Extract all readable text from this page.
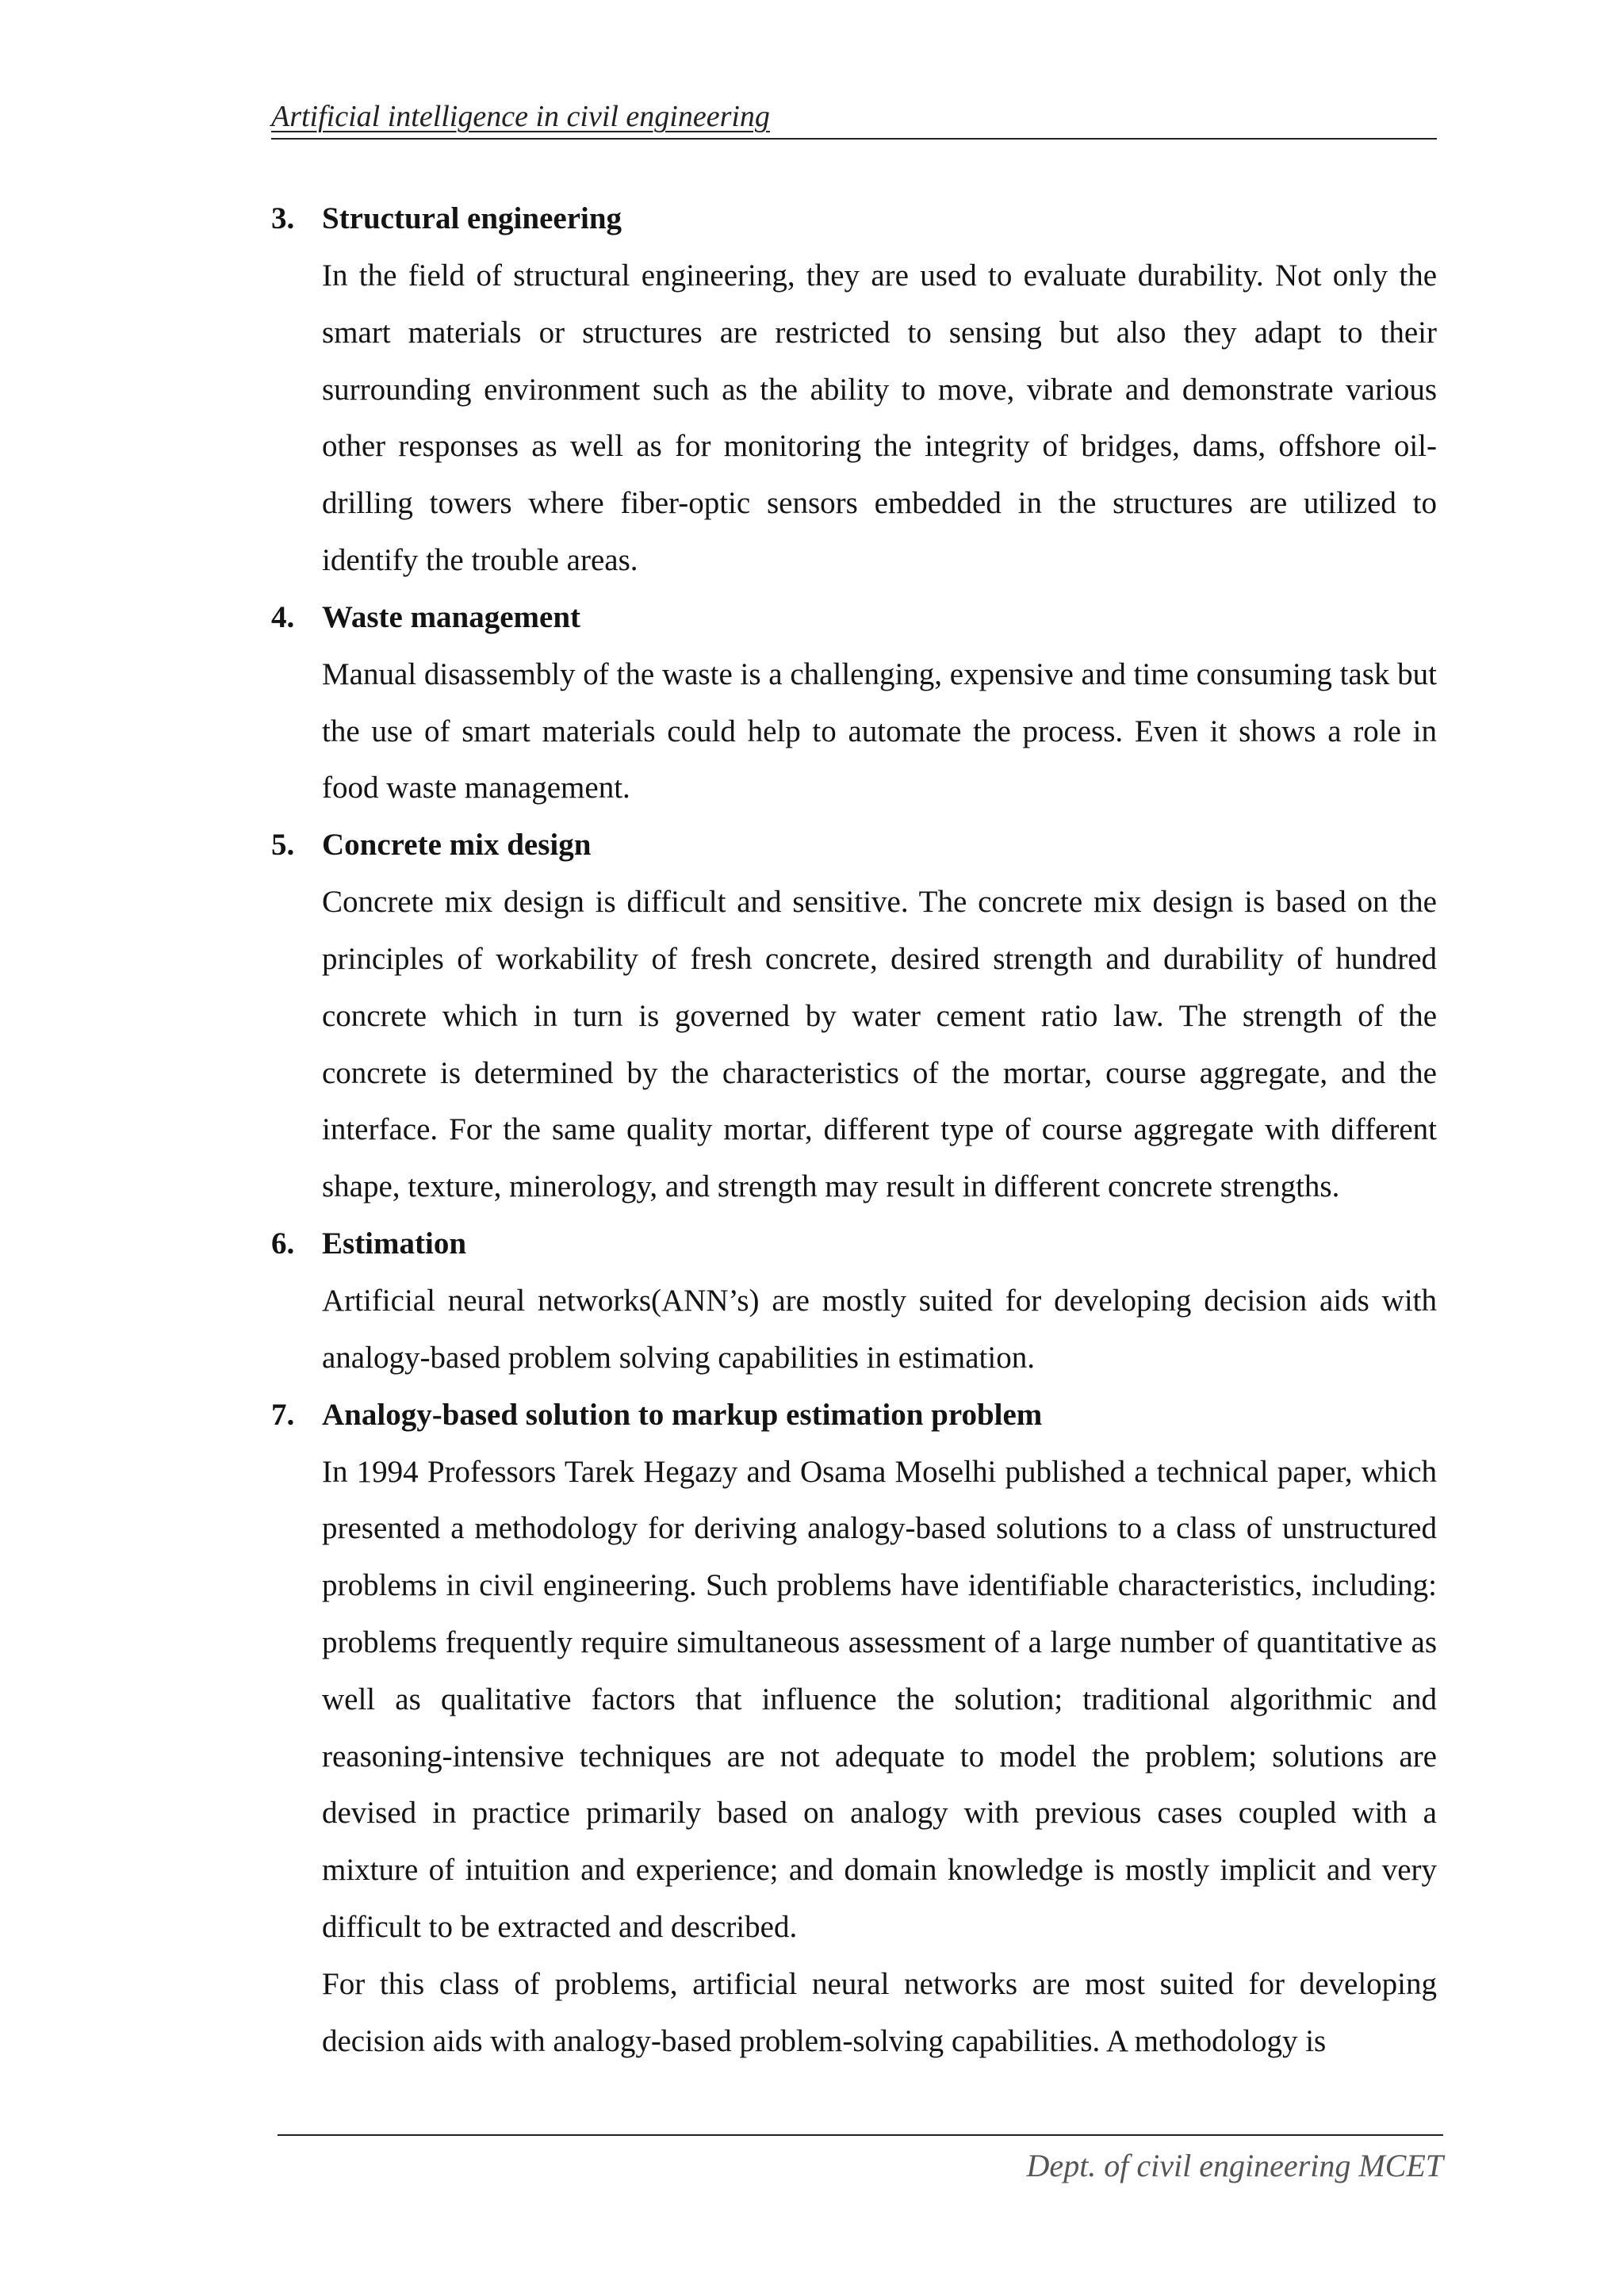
Artificial intelligence in civil engineering
3. Structural engineering

In the field of structural engineering, they are used to evaluate durability. Not only the smart materials or structures are restricted to sensing but also they adapt to their surrounding environment such as the ability to move, vibrate and demonstrate various other responses as well as for monitoring the integrity of bridges, dams, offshore oil-drilling towers where fiber-optic sensors embedded in the structures are utilized to identify the trouble areas.

4. Waste management

Manual disassembly of the waste is a challenging, expensive and time consuming task but the use of smart materials could help to automate the process. Even it shows a role in food waste management.

5. Concrete mix design

Concrete mix design is difficult and sensitive. The concrete mix design is based on the principles of workability of fresh concrete, desired strength and durability of hundred concrete which in turn is governed by water cement ratio law. The strength of the concrete is determined by the characteristics of the mortar, course aggregate, and the interface. For the same quality mortar, different type of course aggregate with different shape, texture, minerology, and strength may result in different concrete strengths.

6. Estimation

Artificial neural networks(ANN’s) are mostly suited for developing decision aids with analogy-based problem solving capabilities in estimation.

7. Analogy-based solution to markup estimation problem

In 1994 Professors Tarek Hegazy and Osama Moselhi published a technical paper, which presented a methodology for deriving analogy-based solutions to a class of unstructured problems in civil engineering. Such problems have identifiable characteristics, including: problems frequently require simultaneous assessment of a large number of quantitative as well as qualitative factors that influence the solution; traditional algorithmic and reasoning-intensive techniques are not adequate to model the problem; solutions are devised in practice primarily based on analogy with previous cases coupled with a mixture of intuition and experience; and domain knowledge is mostly implicit and very difficult to be extracted and described.

For this class of problems, artificial neural networks are most suited for developing decision aids with analogy-based problem-solving capabilities. A methodology is

Dept. of civil engineering MCET
